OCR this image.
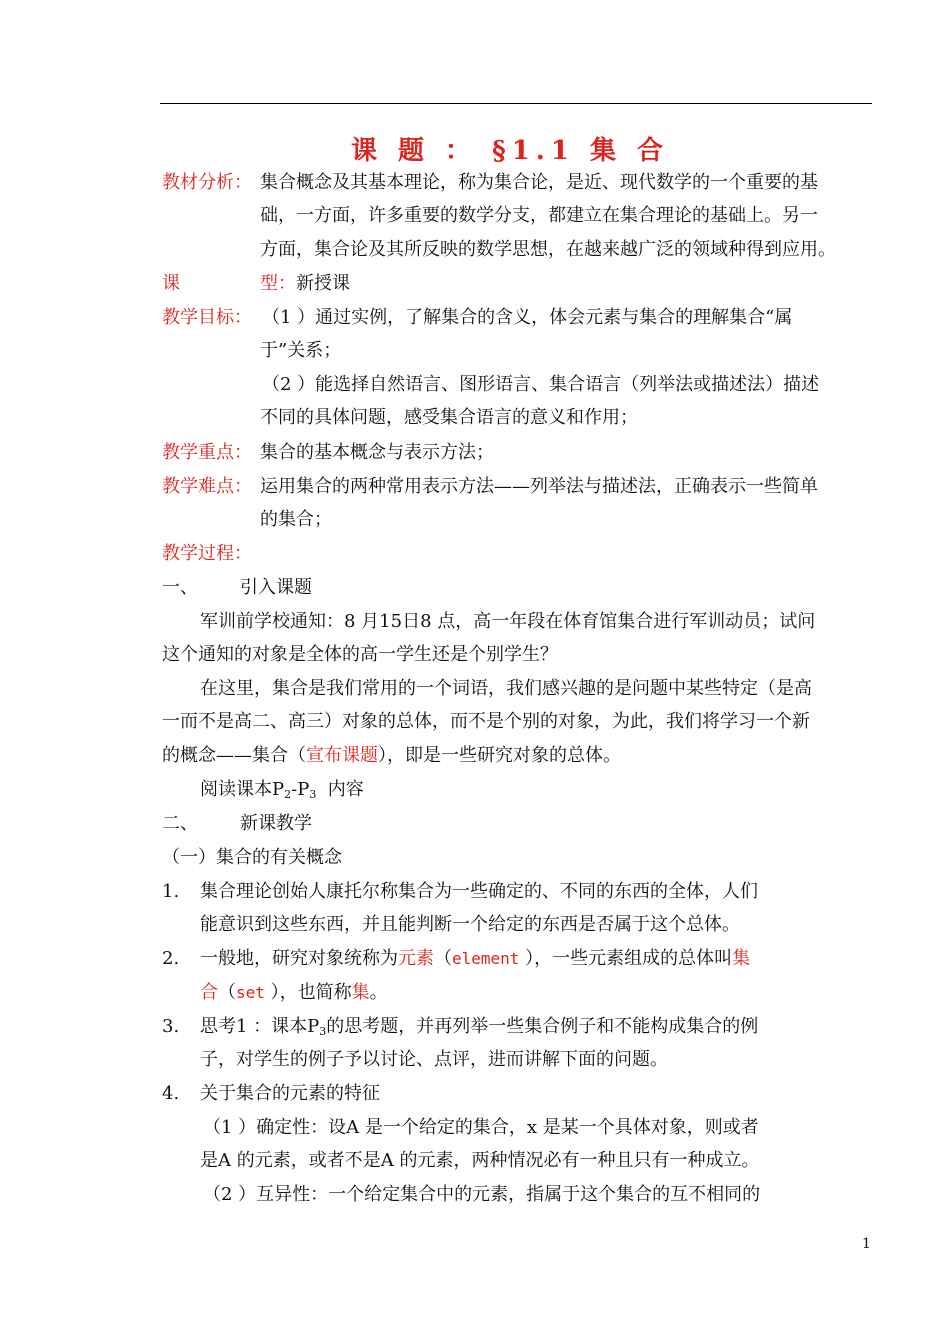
课 题 ： §1.1 集 合
教材分析： 集合概念及其基本理论，称为集合论，是近、现代数学的一个重要的基
础，一方面，许多重要的数学分支，都建立在集合理论的基础上。另一
方面，集合论及其所反映的数学思想，在越来越广泛的领域种得到应用。
课	型： 新授课
教学目标： （1 ）通过实例，了解集合的含义，体会元素与集合的理解集合“属
于”关系；
（2 ）能选择自然语言、图形语言、集合语言（列举法或描述法）描述
不同的具体问题，感受集合语言的意义和作用；
教学重点： 集合的基本概念与表示方法；
教学难点： 运用集合的两种常用表示方法——列举法与描述法，正确表示一些简单
的集合；
教学过程：
一、 引入课题
军训前学校通知：8 月15日8 点，高一年段在体育馆集合进行军训动员；试问
这个通知的对象是全体的高一学生还是个别学生？
在这里，集合是我们常用的一个词语，我们感兴趣的是问题中某些特定（是高
一而不是高二、高三）对象的总体，而不是个别的对象，为此，我们将学习一个新
的概念——集合（宣布课题），即是一些研究对象的总体。
阅读课本$P_2-P_3$  内容
二、 新课教学
（一）集合的有关概念
1. 集合理论创始人康托尔称集合为一些确定的、不同的东西的全体，人们
能意识到这些东西，并且能判断一个给定的东西是否属于这个总体。
2. 一般地，研究对象统称为元素（element ），一些元素组成的总体叫集
合（set ），也简称集。
3. 思考1 ：课本$P_3$的思考题，并再列举一些集合例子和不能构成集合的例
子，对学生的例子予以讨论、点评，进而讲解下面的问题。
4. 关于集合的元素的特征
（1 ）确定性：设A 是一个给定的集合，x 是某一个具体对象，则或者
是A 的元素，或者不是A 的元素，两种情况必有一种且只有一种成立。
（2 ）互异性：一个给定集合中的元素，指属于这个集合的互不相同的
1
